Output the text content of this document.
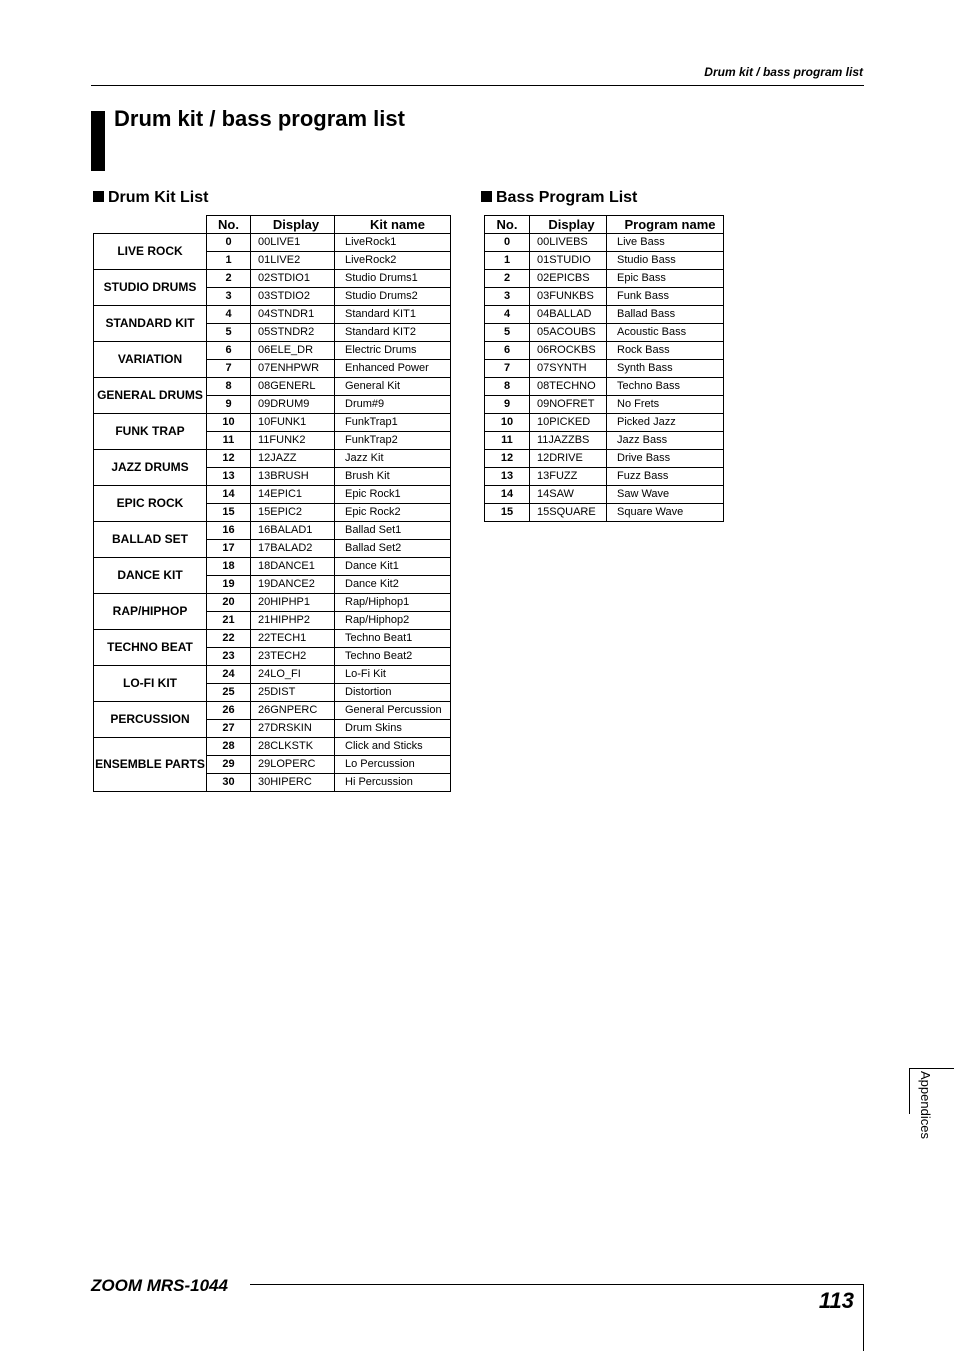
Drum kit / bass program list
Drum kit / bass program list
Drum Kit List	Bass Program List
	No.	Display	Kit name
LIVE ROCK	0	00LIVE1	LiveRock1
	1	01LIVE2	LiveRock2
STUDIO DRUMS	2	02STDIO1	Studio Drums1
	3	03STDIO2	Studio Drums2
STANDARD KIT	4	04STNDR1	Standard KIT1
	5	05STNDR2	Standard KIT2
VARIATION	6	06ELE_DR	Electric Drums
	7	07ENHPWR	Enhanced Power
GENERAL DRUMS	8	08GENERL	General Kit
	9	09DRUM9	Drum#9
FUNK TRAP	10	10FUNK1	FunkTrap1
	11	11FUNK2	FunkTrap2
JAZZ DRUMS	12	12JAZZ	Jazz Kit
	13	13BRUSH	Brush Kit
EPIC ROCK	14	14EPIC1	Epic Rock1
	15	15EPIC2	Epic Rock2
BALLAD SET	16	16BALAD1	Ballad Set1
	17	17BALAD2	Ballad Set2
DANCE KIT	18	18DANCE1	Dance Kit1
	19	19DANCE2	Dance Kit2
RAP/HIPHOP	20	20HIPHP1	Rap/Hiphop1
	21	21HIPHP2	Rap/Hiphop2
TECHNO BEAT	22	22TECH1	Techno Beat1
	23	23TECH2	Techno Beat2
LO-FI KIT	24	24LO_FI	Lo-Fi Kit
	25	25DIST	Distortion
PERCUSSION	26	26GNPERC	General Percussion
	27	27DRSKIN	Drum Skins
ENSEMBLE PARTS	28	28CLKSTK	Click and Sticks
	29	29LOPERC	Lo Percussion
	30	30HIPERC	Hi Percussion
No.	Display	Program name
0	00LIVEBS	Live Bass
1	01STUDIO	Studio Bass
2	02EPICBS	Epic Bass
3	03FUNKBS	Funk Bass
4	04BALLAD	Ballad Bass
5	05ACOUBS	Acoustic Bass
6	06ROCKBS	Rock Bass
7	07SYNTH	Synth Bass
8	08TECHNO	Techno Bass
9	09NOFRET	No Frets
10	10PICKED	Picked Jazz
11	11JAZZBS	Jazz Bass
12	12DRIVE	Drive Bass
13	13FUZZ	Fuzz Bass
14	14SAW	Saw Wave
15	15SQUARE	Square Wave
Appendices
ZOOM MRS-1044
113
